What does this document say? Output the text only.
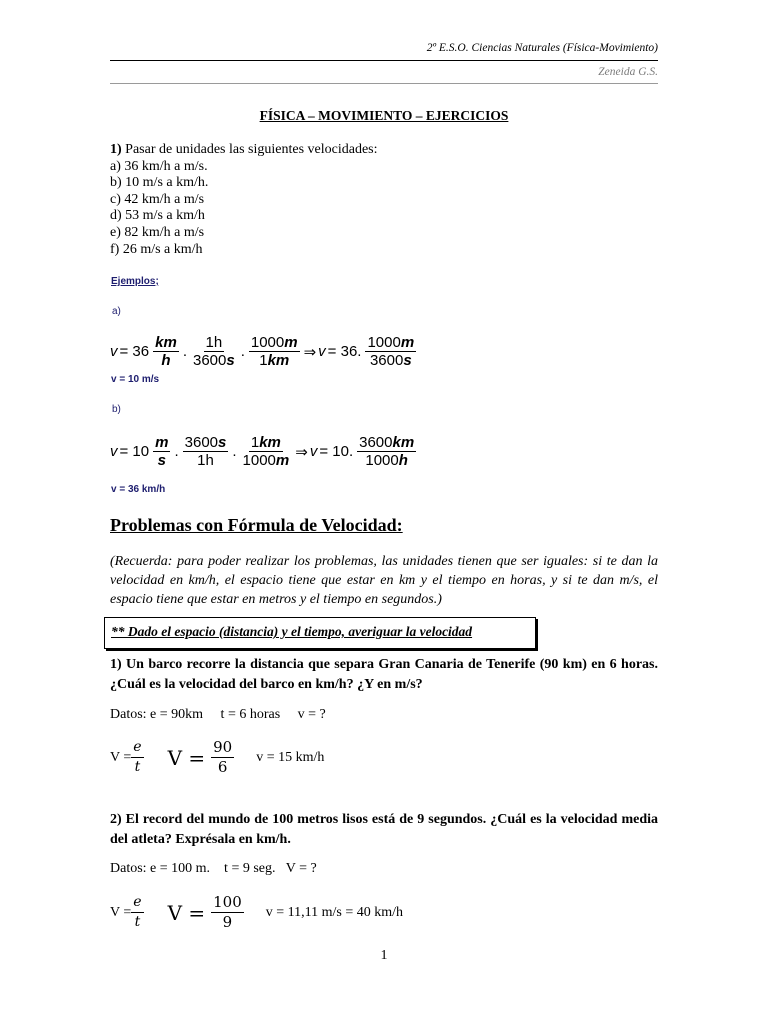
2º E.S.O. Ciencias Naturales (Física-Movimiento)
Zeneida G.S.
FÍSICA – MOVIMIENTO – EJERCICIOS
1) Pasar de unidades las siguientes velocidades:
a) 36 km/h a m/s.
b) 10 m/s a km/h.
c) 42 km/h a m/s
d) 53 m/s a km/h
e) 82 km/h a m/s
f) 26 m/s a km/h
Ejemplos;
a)
$v = 36 \frac{km}{h}$ . $\frac{1h}{3600s}$ . $\frac{1000m}{1km}$ ⇒ v = 36. $\frac{1000m}{3600s}$
v = 10 m/s
b)
$v = 10 \frac{m}{s}$ . $\frac{3600s}{1h}$ . $\frac{1km}{1000m}$ ⇒ v = 10. $\frac{3600km}{1000h}$
v = 36 km/h
Problemas con Fórmula de Velocidad:
(Recuerda: para poder realizar los problemas, las unidades tienen que ser iguales: si te dan la velocidad en km/h, el espacio tiene que estar en km y el tiempo en horas, y si te dan m/s, el espacio tiene que estar en metros y el tiempo en segundos.)
** Dado el espacio (distancia) y el tiempo, averiguar la velocidad
1) Un barco recorre la distancia que separa Gran Canaria de Tenerife (90 km) en 6 horas. ¿Cuál es la velocidad del barco en km/h? ¿Y en m/s?
Datos: e = 90km     t = 6 horas     v = ?
$V = \frac{e}{t}$ $V = \frac{90}{6}$ v = 15 km/h
2) El record del mundo de 100 metros lisos está de 9 segundos. ¿Cuál es la velocidad media del atleta? Exprésala en km/h.
Datos: e = 100 m.    t = 9 seg.   V = ?
$V = \frac{e}{t}$ $V = \frac{100}{9}$ v = 11,11 m/s = 40 km/h
1
